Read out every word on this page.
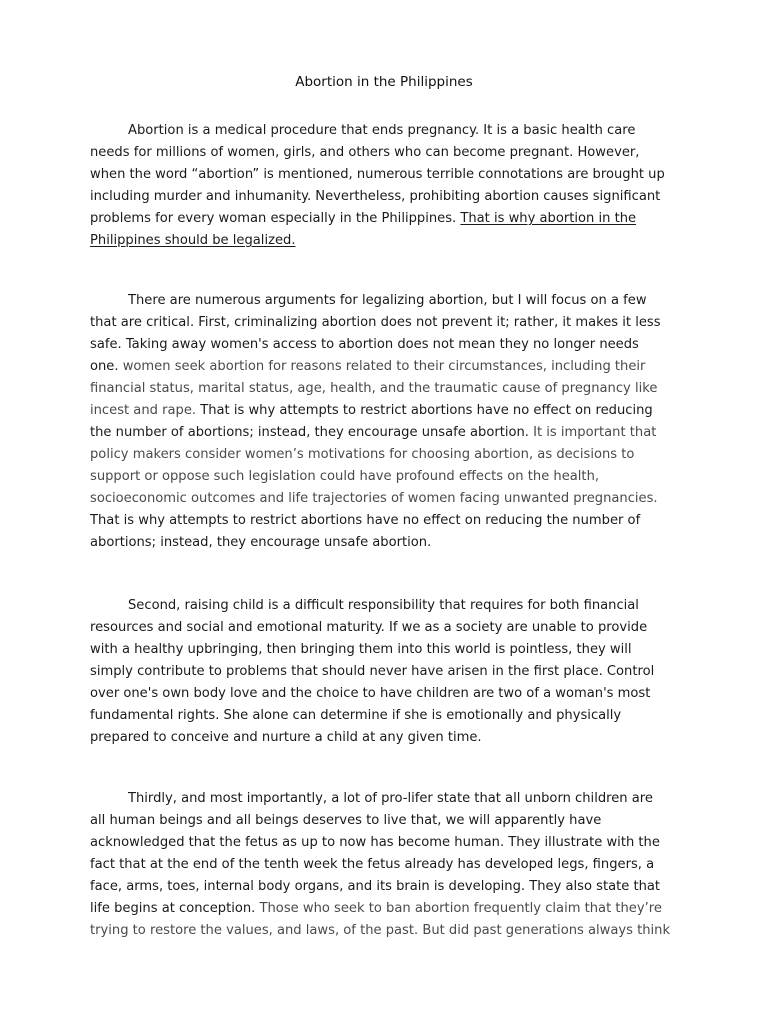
Abortion in the Philippines
Abortion is a medical procedure that ends pregnancy. It is a basic health care
needs for millions of women, girls, and others who can become pregnant. However,
when the word “abortion” is mentioned, numerous terrible connotations are brought up
including murder and inhumanity. Nevertheless, prohibiting abortion causes significant
problems for every woman especially in the Philippines. That is why abortion in the
Philippines should be legalized.
There are numerous arguments for legalizing abortion, but I will focus on a few
that are critical. First, criminalizing abortion does not prevent it; rather, it makes it less
safe. Taking away women's access to abortion does not mean they no longer needs
one. women seek abortion for reasons related to their circumstances, including their
financial status, marital status, age, health, and the traumatic cause of pregnancy like
incest and rape. That is why attempts to restrict abortions have no effect on reducing
the number of abortions; instead, they encourage unsafe abortion. It is important that
policy makers consider women’s motivations for choosing abortion, as decisions to
support or oppose such legislation could have profound effects on the health,
socioeconomic outcomes and life trajectories of women facing unwanted pregnancies.
That is why attempts to restrict abortions have no effect on reducing the number of
abortions; instead, they encourage unsafe abortion.
Second, raising child is a difficult responsibility that requires for both financial
resources and social and emotional maturity. If we as a society are unable to provide
with a healthy upbringing, then bringing them into this world is pointless, they will
simply contribute to problems that should never have arisen in the first place. Control
over one's own body love and the choice to have children are two of a woman's most
fundamental rights. She alone can determine if she is emotionally and physically
prepared to conceive and nurture a child at any given time.
Thirdly, and most importantly, a lot of pro-lifer state that all unborn children are
all human beings and all beings deserves to live that, we will apparently have
acknowledged that the fetus as up to now has become human. They illustrate with the
fact that at the end of the tenth week the fetus already has developed legs, fingers, a
face, arms, toes, internal body organs, and its brain is developing. They also state that
life begins at conception. Those who seek to ban abortion frequently claim that they’re
trying to restore the values, and laws, of the past. But did past generations always think
